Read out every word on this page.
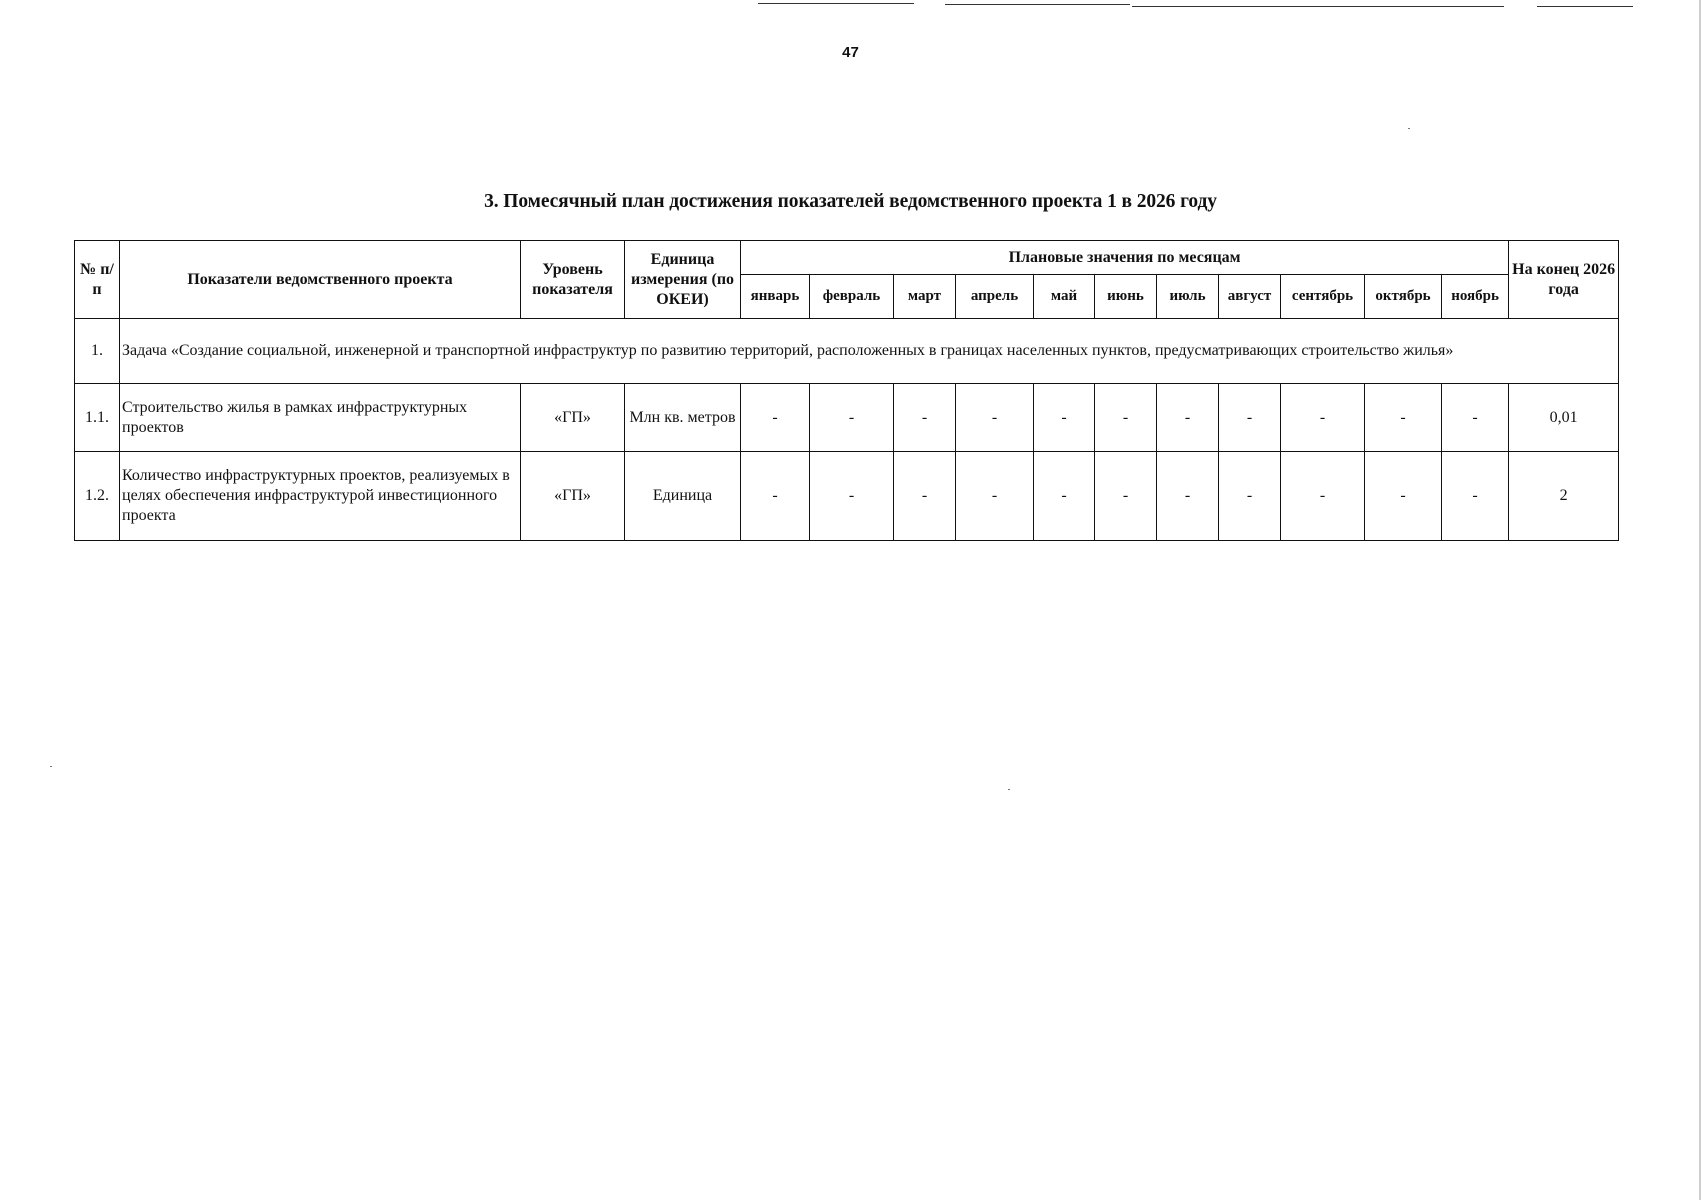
47
3. Помесячный план достижения показателей ведомственного проекта 1 в 2026 году
№ п/п	Показатели ведомственного проекта	Уровень показателя	Единица измерения (по ОКЕИ)	Плановые значения по месяцам											На конец 2026 года
				январь	февраль	март	апрель	май	июнь	июль	август	сентябрь	октябрь	ноябрь	
1.	Задача «Создание социальной, инженерной и транспортной инфраструктур по развитию территорий, расположенных в границах населенных пунктов, предусматривающих строительство жилья»														
1.1.	Строительство жилья в рамках инфраструктурных проектов	«ГП»	Млн кв. метров	-	-	-	-	-	-	-	-	-	-	-	0,01
1.2.	Количество инфраструктурных проектов, реализуемых в целях обеспечения инфраструктурой инвестиционного проекта	«ГП»	Единица	-	-	-	-	-	-	-	-	-	-	-	2
